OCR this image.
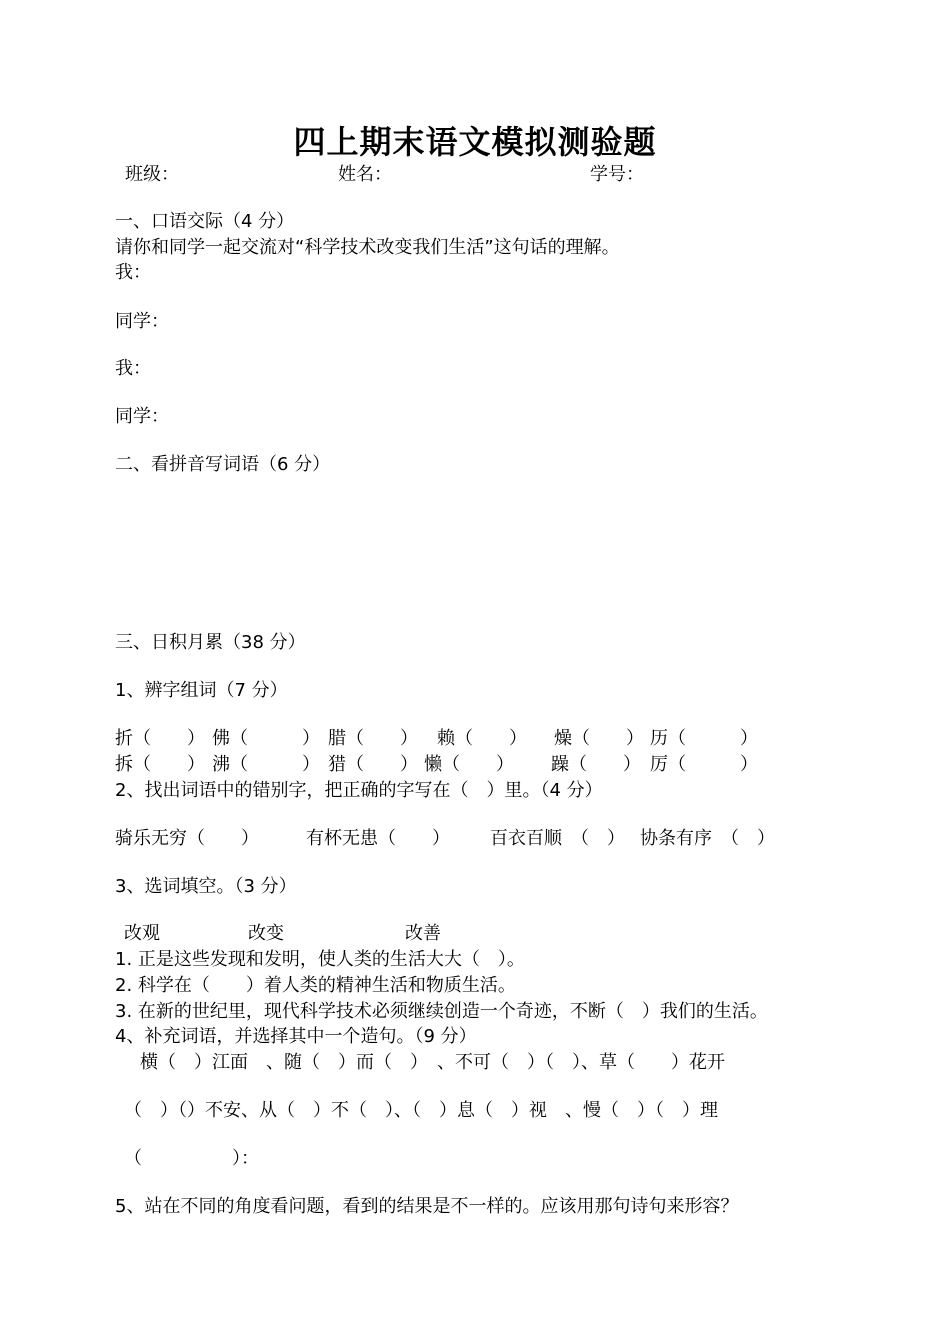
四上期末语文模拟测验题
班级：	姓名：	学号：
一、口语交际（4 分）
请你和同学一起交流对“科学技术改变我们生活”这句话的理解。
我：
同学：
我：
同学：
二、看拼音写词语（6 分）
三、日积月累（38 分）
1、辨字组词（7 分）
折（　　） 佛（　　　） 腊（　　） 赖（　　） 燥（　　） 历（　　　）
拆（　　） 沸（　　　） 猎（　　） 懒（　　） 躁（　　） 厉（　　　）
2、找出词语中的错别字，把正确的字写在（　）里。（4 分）
骑乐无穷（　　）	有杯无患（　　） 百衣百顺　（　） 协条有序　（　）
3、选词填空。（3 分）
改观	改变	改善
1. 正是这些发现和发明，使人类的生活大大（　）。
2. 科学在（　　）着人类的精神生活和物质生活。
3. 在新的世纪里，现代科学技术必须继续创造一个奇迹，不断（　）我们的生活。
4、补充词语，并选择其中一个造句。（9 分）
横（　）江面　、随（　）而（　）　、不可（　）（　）、草（　　）花开
（　）（）不安、从（　）不（　）、（　）息（　）视　、慢（　）（　）理
（　　　　　）：
5、站在不同的角度看问题，看到的结果是不一样的。应该用那句诗句来形容？
